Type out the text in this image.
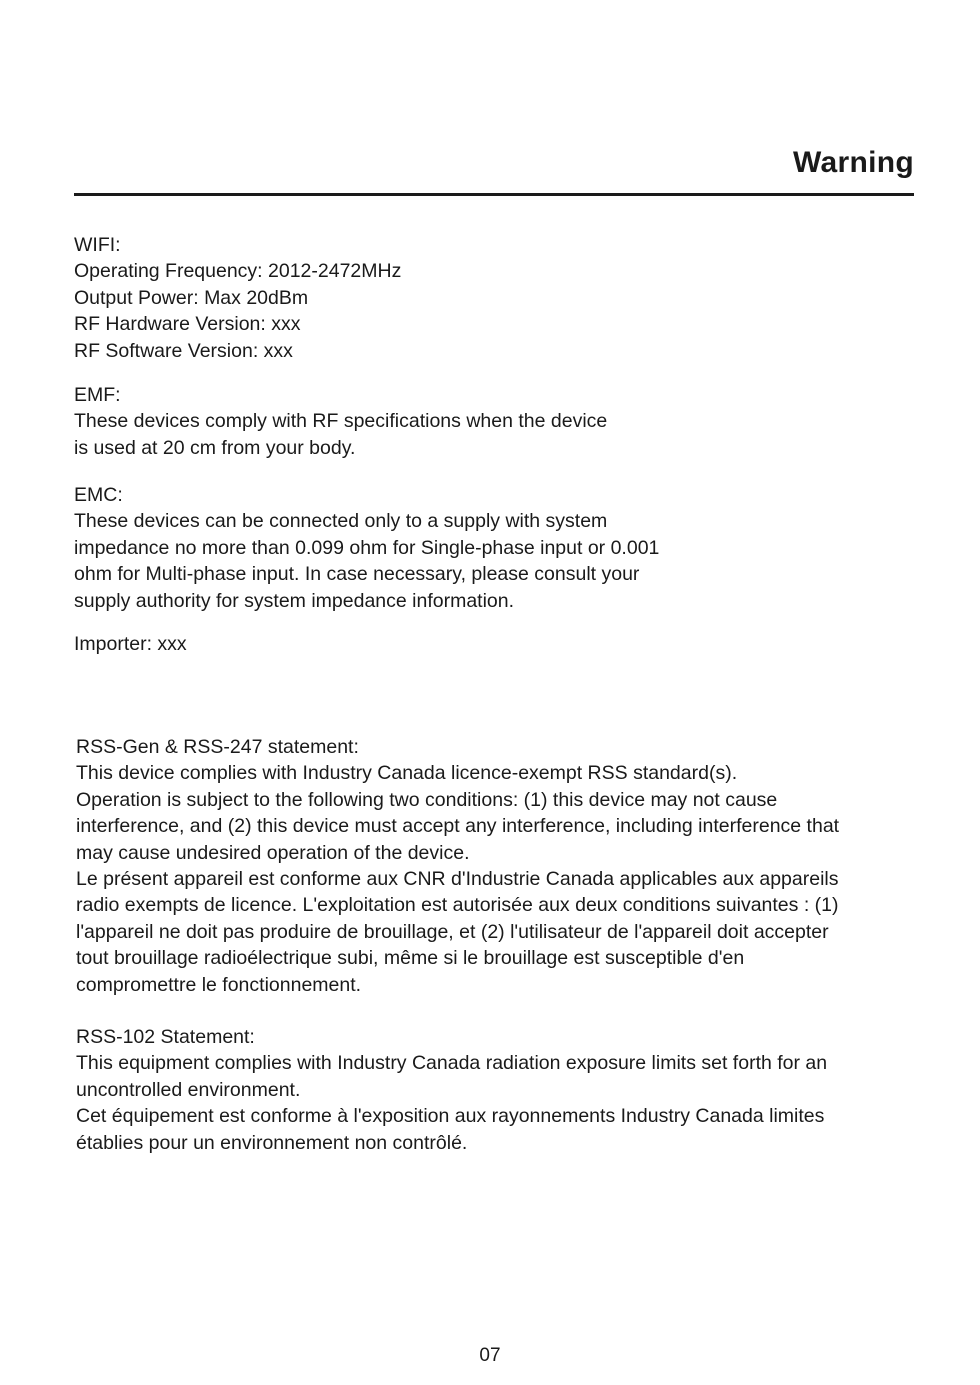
Warning
WIFI:
Operating Frequency: 2012-2472MHz
Output Power: Max 20dBm
RF Hardware Version: xxx
RF Software Version: xxx
EMF:
These devices comply with RF specifications when the device
is used at 20 cm from your body.
EMC:
These devices can be connected only to a supply with system
impedance no more than 0.099 ohm for Single-phase input or 0.001
ohm for Multi-phase input. In case necessary, please consult your
supply authority for system impedance information.
Importer: xxx
RSS-Gen & RSS-247 statement:
This device complies with Industry Canada licence-exempt RSS standard(s).
Operation is subject to the following two conditions: (1) this device may not cause
interference, and (2) this device must accept any interference, including interference that
may cause undesired operation of the device.
Le présent appareil est conforme aux CNR d'Industrie Canada applicables aux appareils
radio exempts de licence. L'exploitation est autorisée aux deux conditions suivantes : (1)
l'appareil ne doit pas produire de brouillage, et (2) l'utilisateur de l'appareil doit accepter
tout brouillage radioélectrique subi, même si le brouillage est susceptible d'en
compromettre le fonctionnement.
RSS-102 Statement:
This equipment complies with Industry Canada radiation exposure limits set forth for an
uncontrolled environment.
Cet équipement est conforme à l'exposition aux rayonnements Industry Canada limites
établies pour un environnement non contrôlé.
07
